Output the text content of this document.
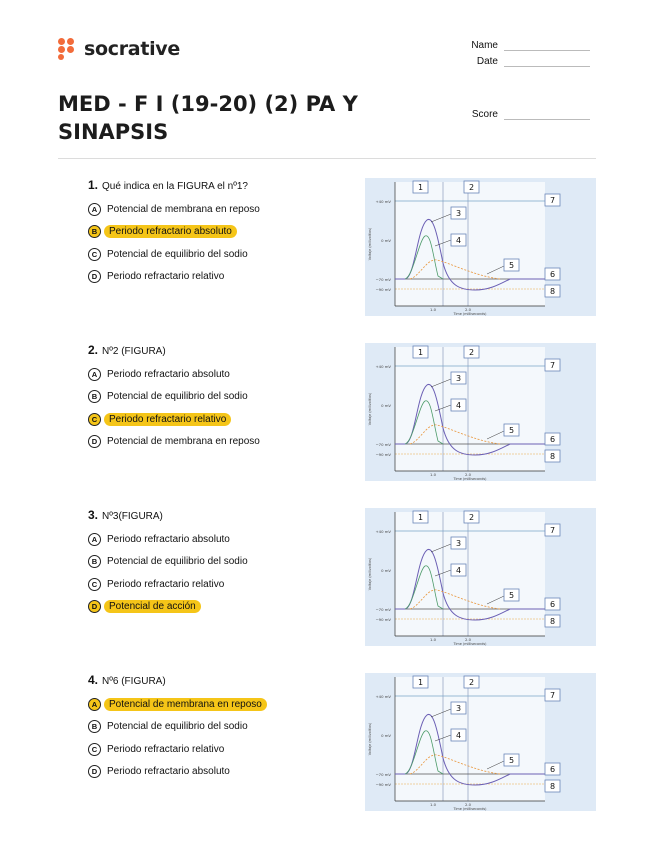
socrative	Name
Date
Score
MED - F I (19-20) (2) PA Y SINAPSIS
1. Qué indica en la FIGURA el nº1?
A Potencial de membrana en reposo
B	Periodo refractario absoluto
C Potencial de equilibrio del sodio
D Periodo refractario relativo
+40 mV
0 mV
−70 mV
−90 mV
1.0	2.0
Time (milliseconds)
Voltaje (milivoltios)
1	2
3
4
5
6
7
8
2. Nº2 (FIGURA)
A Periodo refractario absoluto
B Potencial de equilibrio del sodio
C	Periodo refractario relativo
D Potencial de membrana en reposo
+40 mV
0 mV
−70 mV
−90 mV
1.0	2.0
Time (milliseconds)
Voltaje (milivoltios)
1	2
3
4
5
6
7
8
3. Nº3(FIGURA)
A Periodo refractario absoluto
B Potencial de equilibrio del sodio
C Periodo refractario relativo
D	Potencial de acción
+40 mV
0 mV
−70 mV
−90 mV
1.0	2.0
Time (milliseconds)
Voltaje (milivoltios)
1	2
3
4
5
6
7
8
4. Nº6 (FIGURA)
A	Potencial de membrana en reposo
B Potencial de equilibrio del sodio
C Periodo refractario relativo
D Periodo refractario absoluto
+40 mV
0 mV
−70 mV
−90 mV
1.0	2.0
Time (milliseconds)
Voltaje (milivoltios)
1	2
3
4
5
6
7
8
